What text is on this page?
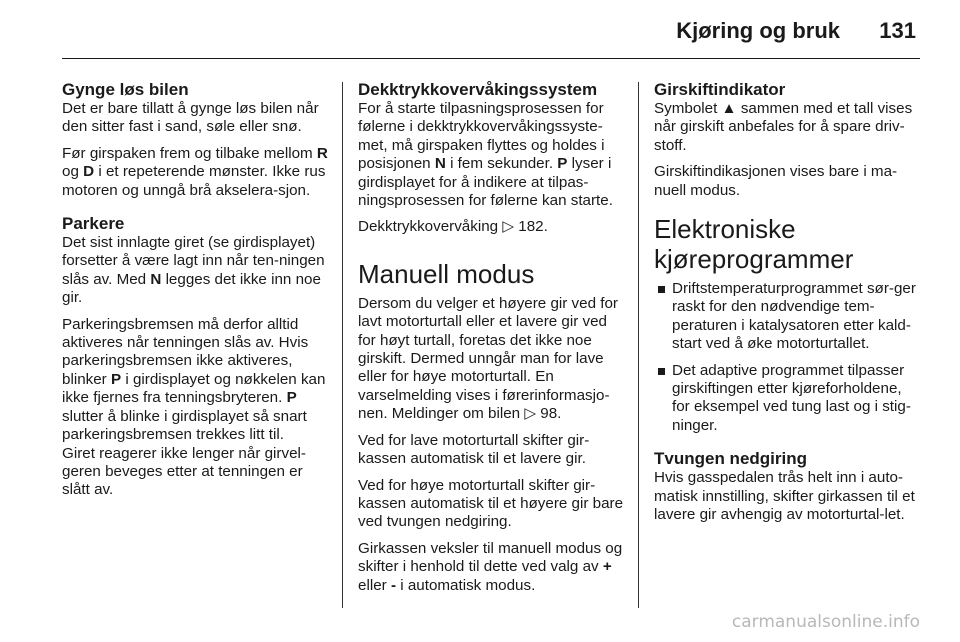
Kjøring og bruk 131
Gynge løs bilen

Det er bare tillatt å gynge løs bilen når den sitter fast i sand, søle eller snø.

Før girspaken frem og tilbake mellom R og D i et repeterende mønster. Ikke rus motoren og unngå brå akselera-sjon.

Parkere

Det sist innlagte giret (se girdisplayet) forsetter å være lagt inn når ten-ningen slås av. Med N legges det ikke inn noe gir.

Parkeringsbremsen må derfor alltid aktiveres når tenningen slås av. Hvis parkeringsbremsen ikke aktiveres, blinker P i girdisplayet og nøkkelen kan ikke fjernes fra tenningsbryteren. P slutter å blinke i girdisplayet så snart parkeringsbremsen trekkes litt til.

Giret reagerer ikke lenger når girvel-geren beveges etter at tenningen er slått av.

Dekktrykkovervåkingssystem

For å starte tilpasningsprosessen for følerne i dekktrykkovervåkingssyste-met, må girspaken flyttes og holdes i posisjonen N i fem sekunder. P lyser i girdisplayet for å indikere at tilpas-ningsprosessen for følerne kan starte.

Dekktrykkovervåking ▷ 182.

Manuell modus

Dersom du velger et høyere gir ved for lavt motorturtall eller et lavere gir ved for høyt turtall, foretas det ikke noe girskift. Dermed unngår man for lave eller for høye motorturtall. En varselmelding vises i førerinformasjo-nen. Meldinger om bilen ▷ 98.

Ved for lave motorturtall skifter gir-kassen automatisk til et lavere gir.

Ved for høye motorturtall skifter gir-kassen automatisk til et høyere gir bare ved tvungen nedgiring.

Girkassen veksler til manuell modus og skifter i henhold til dette ved valg av + eller - i automatisk modus.

Girskiftindikator

Symbolet ▲ sammen med et tall vises når girskift anbefales for å spare driv-stoff.

Girskiftindikasjonen vises bare i ma-nuell modus.

Elektroniske
kjøreprogrammer
Driftstemperaturprogrammet sør-ger raskt for den nødvendige tem-peraturen i katalysatoren etter kald-start ved å øke motorturtallet.
Det adaptive programmet tilpasser girskiftingen etter kjøreforholdene, for eksempel ved tung last og i stig-ninger.
Tvungen nedgiring

Hvis gasspedalen trås helt inn i auto-matisk innstilling, skifter girkassen til et lavere gir avhengig av motorturtal-let.

carmanualsonline.info
